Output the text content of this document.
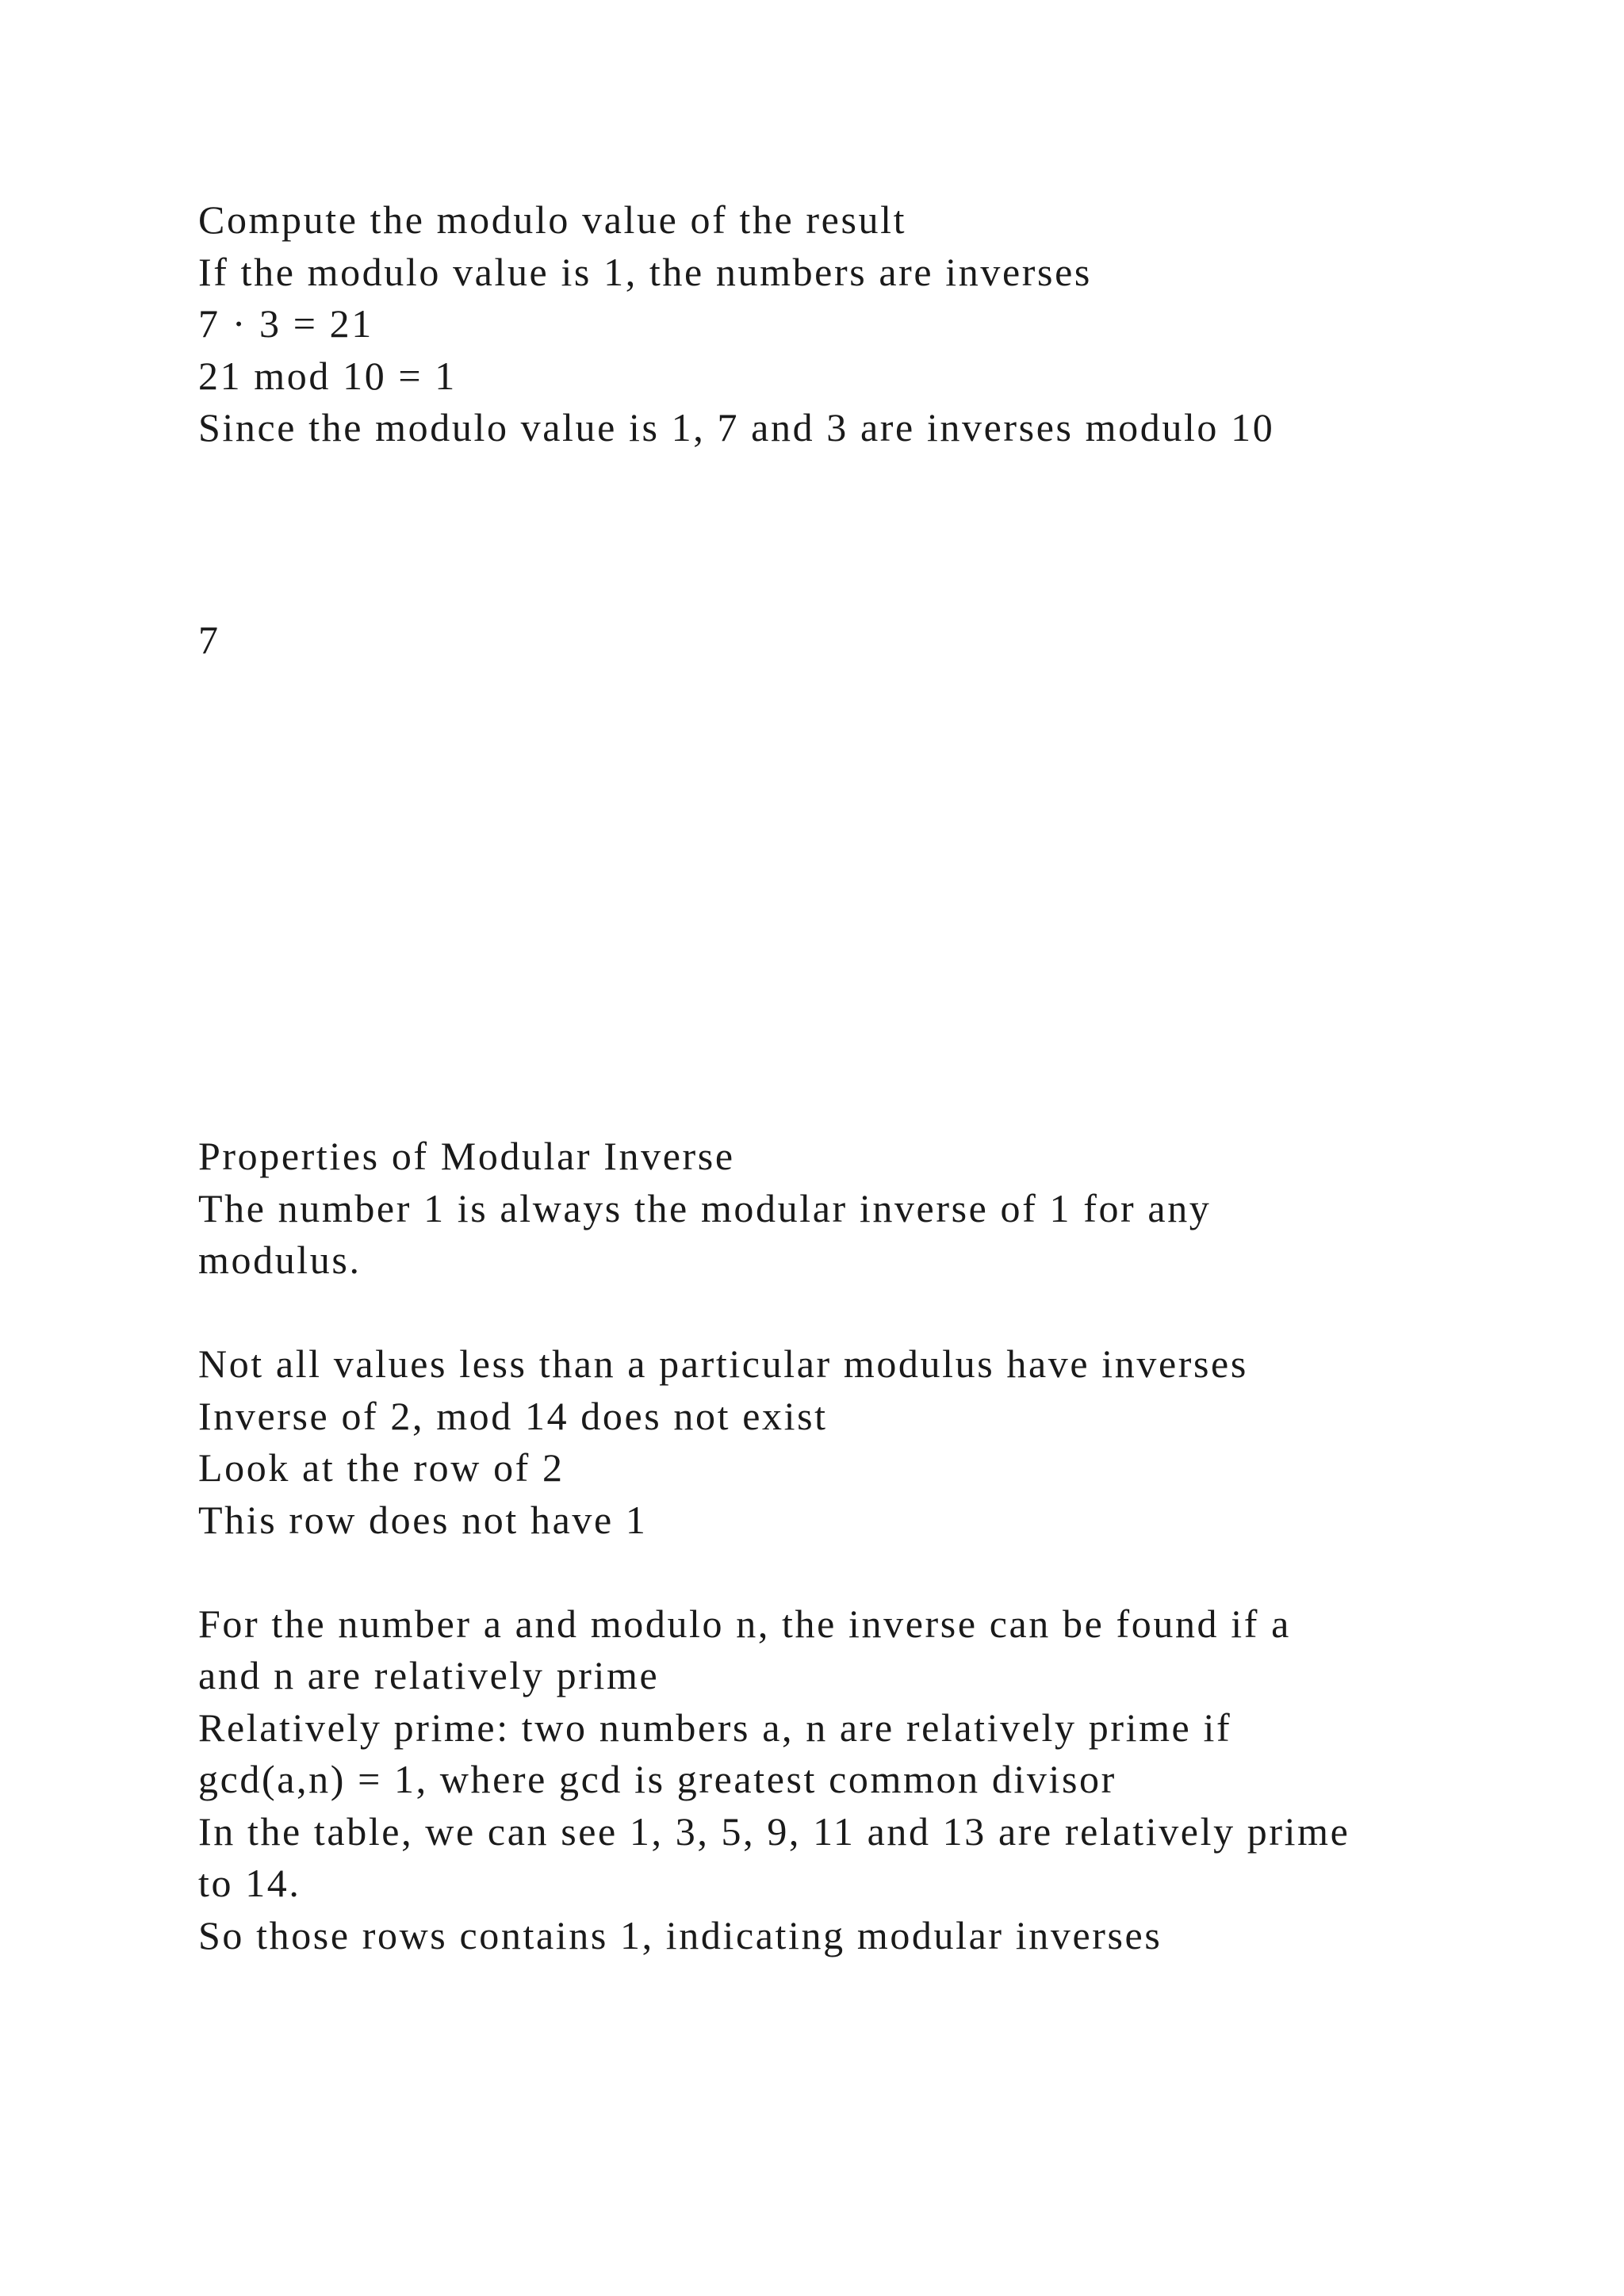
Compute the modulo value of the result

If the modulo value is 1, the numbers are inverses

7 · 3 = 21

21 mod 10 = 1

Since the modulo value is 1, 7 and 3 are inverses modulo 10

7

Properties of Modular Inverse

The number 1 is always the modular inverse of 1 for any

modulus.

Not all values less than a particular modulus have inverses

Inverse of 2, mod 14 does not exist

Look at the row of 2

This row does not have 1

For the number a and modulo n, the inverse can be found if a

and n are relatively prime

Relatively prime: two numbers a, n are relatively prime if

gcd(a,n) = 1, where gcd is greatest common divisor

In the table, we can see 1, 3, 5, 9, 11 and 13 are relatively prime

to 14.

So those rows contains 1, indicating modular inverses
